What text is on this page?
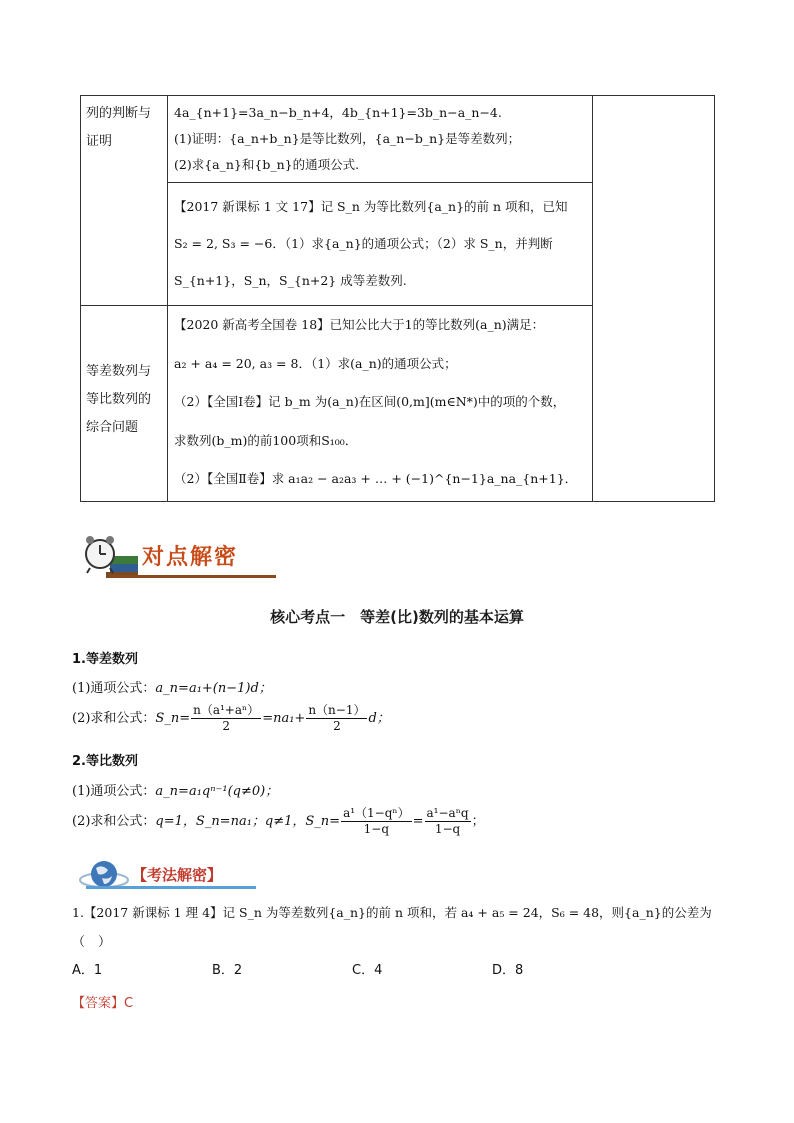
列的判断与证明	4a_{n+1}=3a_n−b_n+4，4b_{n+1}=3b_n−a_n−4.
(1)证明：{a_n+b_n}是等比数列，{a_n−b_n}是等差数列；
(2)求{a_n}和{b_n}的通项公式.	

	【2017 新课标 1 文 17】记 S_n 为等比数列{a_n}的前 n 项和，已知
S₂ = 2, S₃ = −6．（1）求{a_n}的通项公式；（2）求 S_n，并判断
S_{n+1}，S_n，S_{n+2} 成等差数列.	

等差数列与等比数列的综合问题	【2020 新高考全国卷 18】已知公比大于1的等比数列(a_n)满足：
a₂ + a₄ = 20, a₃ = 8．（1）求(a_n)的通项公式；
（2）【全国Ⅰ卷】记 b_m 为(a_n)在区间(0,m](m∈N*)中的项的个数，
求数列(b_m)的前100项和S₁₀₀．
（2）【全国Ⅱ卷】求 a₁a₂ − a₂a₃ + … + (−1)^{n−1}a_na_{n+1}．	
对点解密
核心考点一　等差(比)数列的基本运算
1.等差数列
(1)通项公式：a_n=a₁+(n−1)d；
(2)求和公式：S_n= $\frac{\text{n（a¹+aⁿ）}}{2} =na_1+ \frac{n(n-1)}{2}$ d；
2.等比数列
(1)通项公式：a_n=a₁qⁿ⁻¹(q≠0)；
(2)求和公式：q=1，S_n=na₁；q≠1，S_n= $\frac{\text{a¹（1−qⁿ）}}{1-q} = \frac{\text{a¹−aⁿq}}{1-q}$ ；
【考法解密】
1.【2017 新课标 1 理 4】记 S_n 为等差数列{a_n}的前 n 项和，若 a₄ + a₅ = 24，S₆ = 48，则{a_n}的公差为
（　）
A．1	B．2	C．4	D．8
【答案】C
